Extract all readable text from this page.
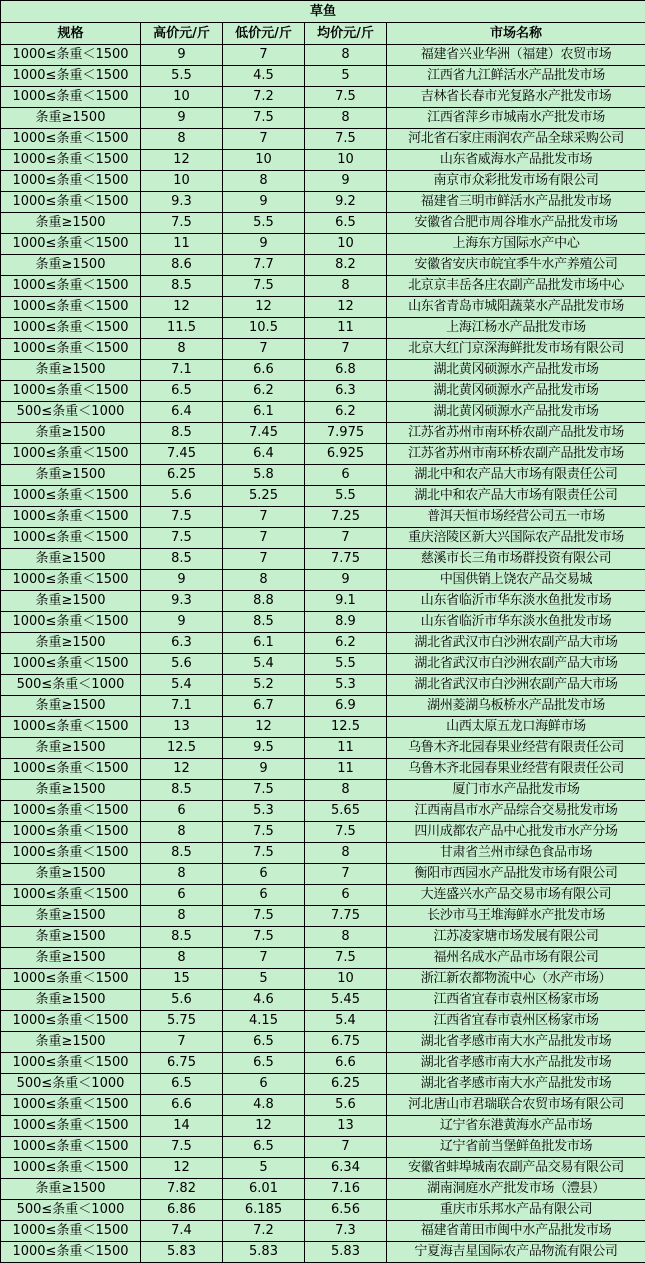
草鱼				
规格	高价元/斤	低价元/斤	均价元/斤	市场名称
1000≤条重＜1500	9	7	8	福建省兴业华洲（福建）农贸市场
1000≤条重＜1500	5.5	4.5	5	江西省九江鲜活水产品批发市场
1000≤条重＜1500	10	7.2	7.5	吉林省长春市光复路水产批发市场
条重≥1500	9	7.5	8	江西省萍乡市城南水产批发市场
1000≤条重＜1500	8	7	7.5	河北省石家庄雨润农产品全球采购公司
1000≤条重＜1500	12	10	10	山东省威海水产品批发市场
1000≤条重＜1500	10	8	9	南京市众彩批发市场有限公司
1000≤条重＜1500	9.3	9	9.2	福建省三明市鲜活水产品批发市场
条重≥1500	7.5	5.5	6.5	安徽省合肥市周谷堆水产品批发市场
1000≤条重＜1500	11	9	10	上海东方国际水产中心
条重≥1500	8.6	7.7	8.2	安徽省安庆市皖宜季牛水产养殖公司
1000≤条重＜1500	8.5	7.5	8	北京京丰岳各庄农副产品批发市场中心
1000≤条重＜1500	12	12	12	山东省青岛市城阳蔬菜水产品批发市场
1000≤条重＜1500	11.5	10.5	11	上海江杨水产品批发市场
1000≤条重＜1500	8	7	7	北京大红门京深海鲜批发市场有限公司
条重≥1500	7.1	6.6	6.8	湖北黄冈硕源水产品批发市场
1000≤条重＜1500	6.5	6.2	6.3	湖北黄冈硕源水产品批发市场
500≤条重＜1000	6.4	6.1	6.2	湖北黄冈硕源水产品批发市场
条重≥1500	8.5	7.45	7.975	江苏省苏州市南环桥农副产品批发市场
1000≤条重＜1500	7.45	6.4	6.925	江苏省苏州市南环桥农副产品批发市场
条重≥1500	6.25	5.8	6	湖北中和农产品大市场有限责任公司
1000≤条重＜1500	5.6	5.25	5.5	湖北中和农产品大市场有限责任公司
1000≤条重＜1500	7.5	7	7.25	普洱天恒市场经营公司五一市场
1000≤条重＜1500	7.5	7	7	重庆涪陵区新大兴国际农产品批发市场
条重≥1500	8.5	7	7.75	慈溪市长三角市场群投资有限公司
1000≤条重＜1500	9	8	9	中国供销上饶农产品交易城
条重≥1500	9.3	8.8	9.1	山东省临沂市华东淡水鱼批发市场
1000≤条重＜1500	9	8.5	8.9	山东省临沂市华东淡水鱼批发市场
条重≥1500	6.3	6.1	6.2	湖北省武汉市白沙洲农副产品大市场
1000≤条重＜1500	5.6	5.4	5.5	湖北省武汉市白沙洲农副产品大市场
500≤条重＜1000	5.4	5.2	5.3	湖北省武汉市白沙洲农副产品大市场
条重≥1500	7.1	6.7	6.9	湖州菱湖乌板桥水产品批发市场
1000≤条重＜1500	13	12	12.5	山西太原五龙口海鲜市场
条重≥1500	12.5	9.5	11	乌鲁木齐北园春果业经营有限责任公司
1000≤条重＜1500	12	9	11	乌鲁木齐北园春果业经营有限责任公司
条重≥1500	8.5	7.5	8	厦门市水产品批发市场
1000≤条重＜1500	6	5.3	5.65	江西南昌市水产品综合交易批发市场
1000≤条重＜1500	8	7.5	7.5	四川成都农产品中心批发市水产分场
1000≤条重＜1500	8.5	7.5	8	甘肃省兰州市绿色食品市场
条重≥1500	8	6	7	衡阳市西园水产品批发市场有限公司
1000≤条重＜1500	6	6	6	大连盛兴水产品交易市场有限公司
条重≥1500	8	7.5	7.75	长沙市马王堆海鲜水产批发市场
条重≥1500	8.5	7.5	8	江苏凌家塘市场发展有限公司
条重≥1500	8	7	7.5	福州名成水产品市场有限公司
1000≤条重＜1500	15	5	10	浙江新农都物流中心（水产市场）
条重≥1500	5.6	4.6	5.45	江西省宜春市袁州区杨家市场
1000≤条重＜1500	5.75	4.15	5.4	江西省宜春市袁州区杨家市场
条重≥1500	7	6.5	6.75	湖北省孝感市南大水产品批发市场
1000≤条重＜1500	6.75	6.5	6.6	湖北省孝感市南大水产品批发市场
500≤条重＜1000	6.5	6	6.25	湖北省孝感市南大水产品批发市场
1000≤条重＜1500	6.6	4.8	5.6	河北唐山市君瑞联合农贸市场有限公司
1000≤条重＜1500	14	12	13	辽宁省东港黄海水产品市场
1000≤条重＜1500	7.5	6.5	7	辽宁省前当堡鲜鱼批发市场
1000≤条重＜1500	12	5	6.34	安徽省蚌埠城南农副产品交易有限公司
条重≥1500	7.82	6.01	7.16	湖南洞庭水产批发市场（澧县）
500≤条重＜1000	6.86	6.185	6.56	重庆市乐邦水产品有限公司
1000≤条重＜1500	7.4	7.2	7.3	福建省莆田市闽中水产品批发市场
1000≤条重＜1500	5.83	5.83	5.83	宁夏海吉星国际农产品物流有限公司
